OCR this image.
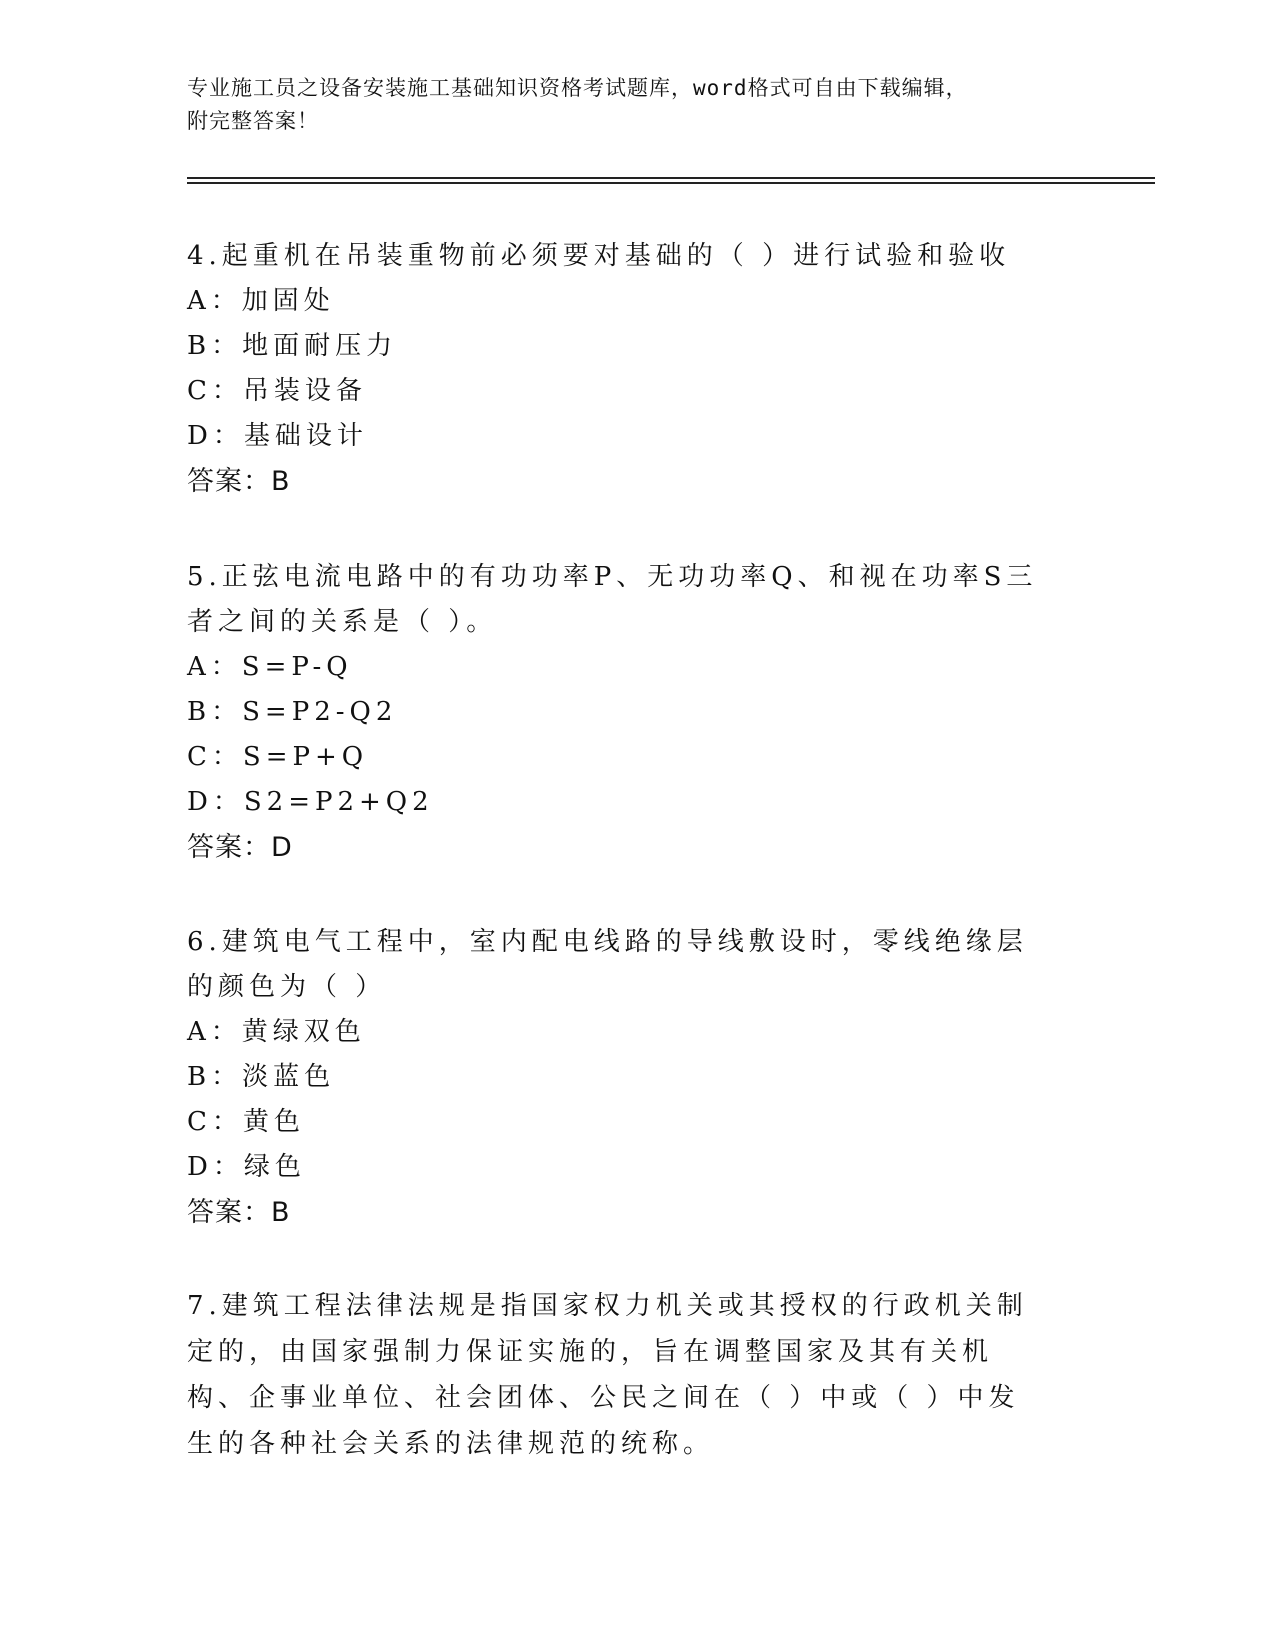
专业施工员之设备安装施工基础知识资格考试题库，word格式可自由下载编辑，
附完整答案！
4.起重机在吊装重物前必须要对基础的（ ）进行试验和验收
A：加固处
B：地面耐压力
C：吊装设备
D：基础设计
答案：B
5.正弦电流电路中的有功功率P、无功功率Q、和视在功率S三者之间的关系是（ ）。
A：S=P-Q
B：S=P2-Q2
C：S=P+Q
D：S2=P2+Q2
答案：D
6.建筑电气工程中，室内配电线路的导线敷设时，零线绝缘层的颜色为（ ）
A：黄绿双色
B：淡蓝色
C：黄色
D：绿色
答案：B
7.建筑工程法律法规是指国家权力机关或其授权的行政机关制定的，由国家强制力保证实施的，旨在调整国家及其有关机构、企事业单位、社会团体、公民之间在（ ）中或（ ）中发生的各种社会关系的法律规范的统称。
